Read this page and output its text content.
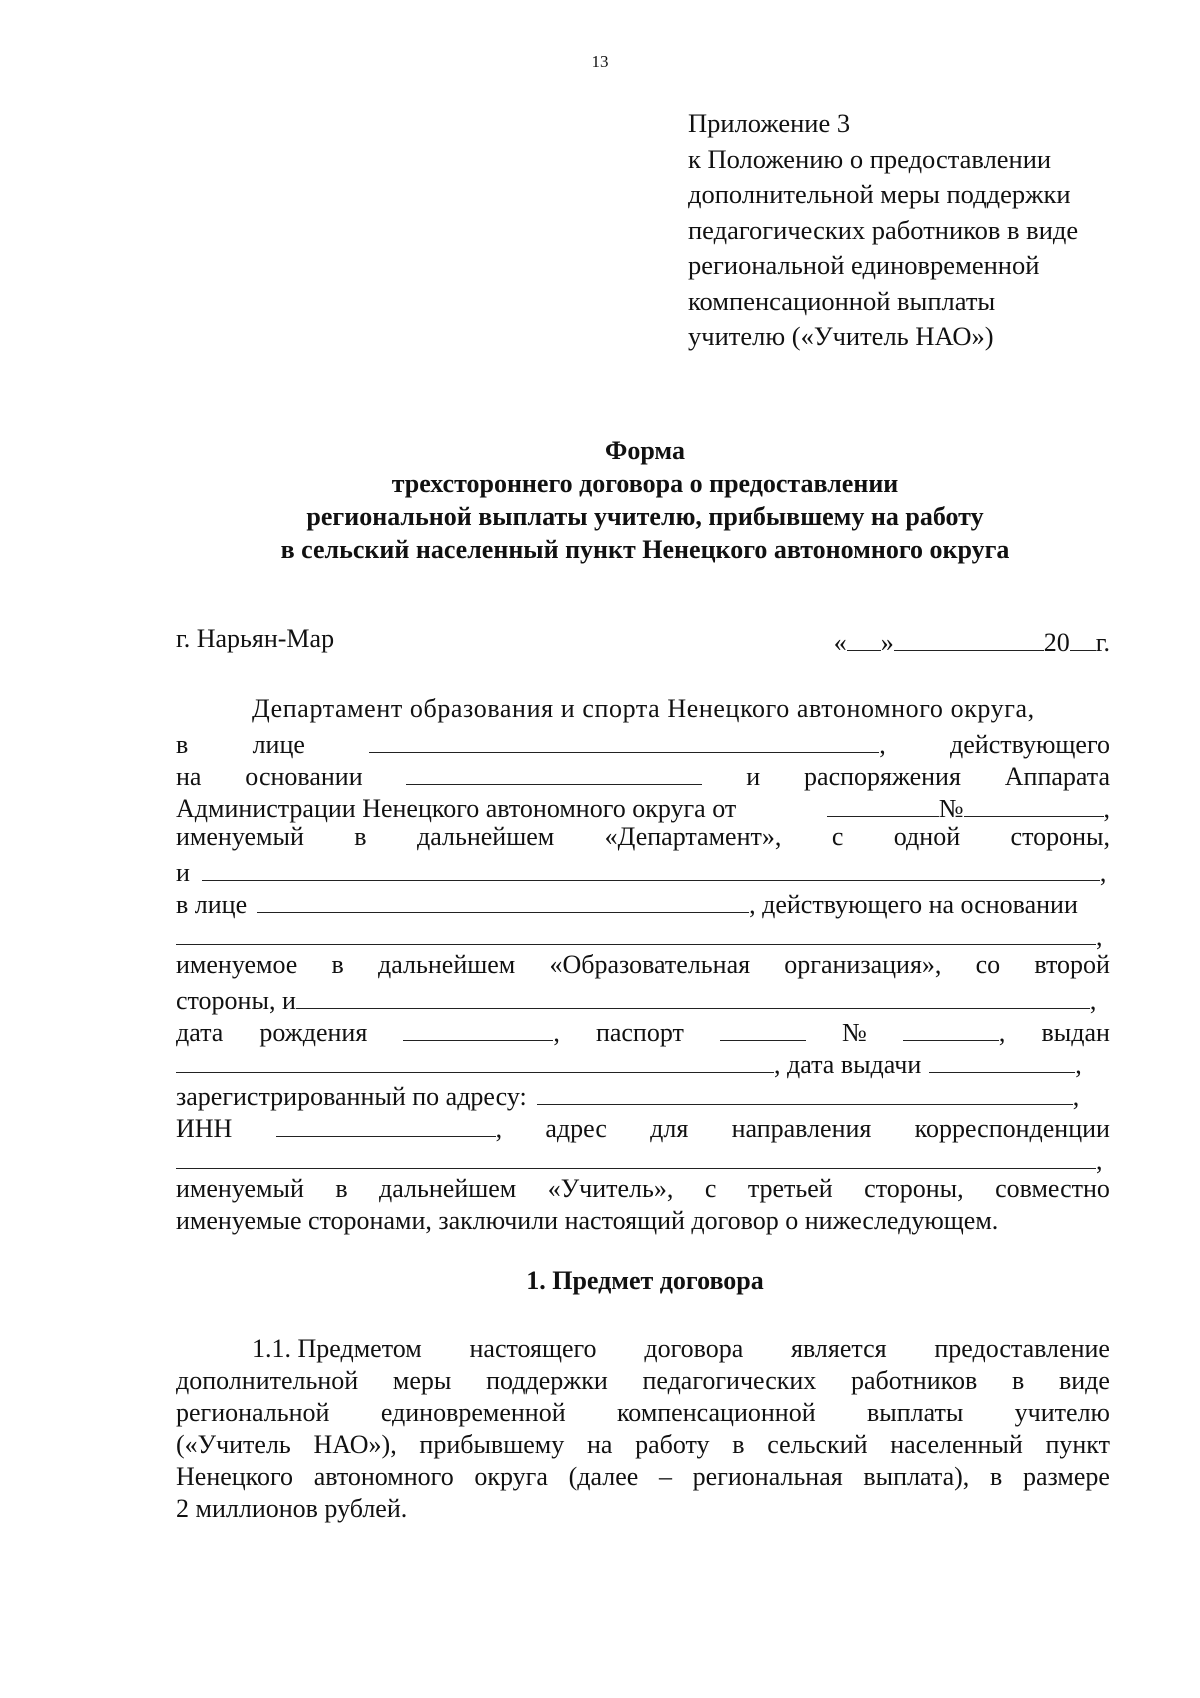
13
Приложение 3
к Положению о предоставлении
дополнительной меры поддержки
педагогических работников в виде
региональной единовременной
компенсационной выплаты
учителю («Учитель НАО»)
Форма
трехстороннего договора о предоставлении
региональной выплаты учителю, прибывшему на работу
в сельский населенный пункт Ненецкого автономного округа
г. Нарьян-Мар	« »	20 г.
Департамент образования и спорта Ненецкого автономного округа,
в лице	, действующего
на основании	и распоряжения Аппарата
Администрации Ненецкого автономного округа от	№	,
именуемый в дальнейшем «Департамент», с одной стороны,
и	,
в лице	, действующего на основании
,
именуемое в дальнейшем «Образовательная организация», со второй
стороны, и	,
дата рождения	, паспорт	№	, выдан
, дата выдачи	,
зарегистрированный по адресу:	,
ИНН	, адрес для направления корреспонденции
,
именуемый в дальнейшем «Учитель», с третьей стороны, совместно
именуемые сторонами, заключили настоящий договор о нижеследующем.
1. Предмет договора
1.1. Предметом настоящего договора является предоставление
дополнительной меры поддержки педагогических работников в виде
региональной единовременной компенсационной выплаты учителю
(«Учитель НАО»), прибывшему на работу в сельский населенный пункт
Ненецкого автономного округа (далее – региональная выплата), в размере
2 миллионов рублей.
